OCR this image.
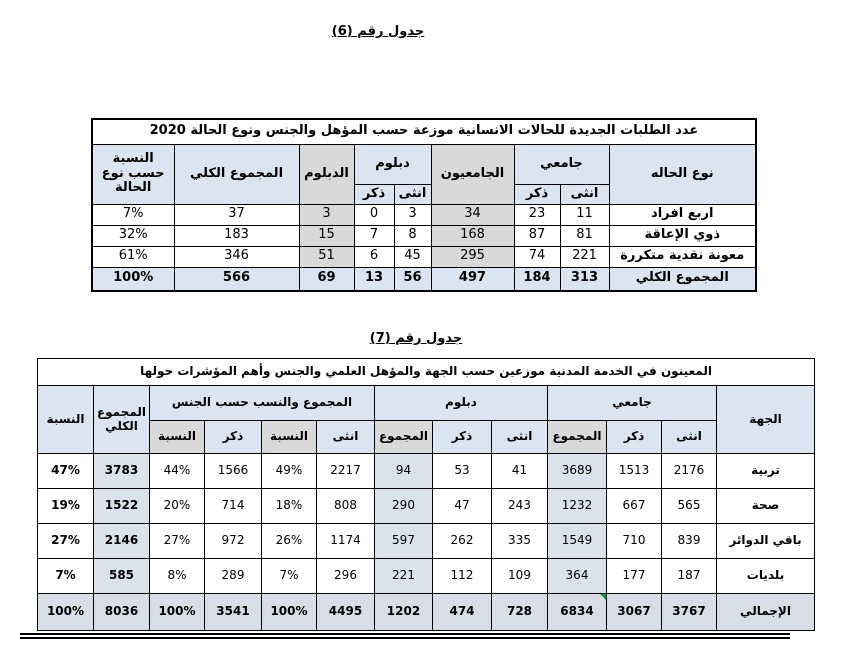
جدول رقم (6)
عدد الطلبات الجديدة للحالات الانسانية موزعة حسب المؤهل والجنس ونوع الحالة 2020								
نوع الحاله	جامعي		الجامعيون	دبلوم		الدبلوم	المجموع الكلي	النسبة حسب نوع الحالة
	انثى	ذكر		انثى	ذكر			
اربع افراد	11	23	34	3	0	3	37	7%
ذوي الإعاقة	81	87	168	8	7	15	183	32%
معونة نقدية متكررة	221	74	295	45	6	51	346	61%
المجموع الكلي	313	184	497	56	13	69	566	100%
جدول رقم (7)
المعينون في الخدمة المدنية موزعين حسب الجهة والمؤهل العلمي والجنس وأهم المؤشرات حولها												
الجهة	جامعي			دبلوم			المجموع والنسب حسب الجنس				المجموع الكلي	النسبة
	انثى	ذكر	المجموع	انثى	ذكر	المجموع	انثى	النسبة	ذكر	النسبة		
تربية	2176	1513	3689	41	53	94	2217	49%	1566	44%	3783	47%
صحة	565	667	1232	243	47	290	808	18%	714	20%	1522	19%
باقي الدوائر	839	710	1549	335	262	597	1174	26%	972	27%	2146	27%
بلديات	187	177	364	109	112	221	296	7%	289	8%	585	7%
الإجمالي	3767	3067	6834	728	474	1202	4495	100%	3541	100%	8036	100%
